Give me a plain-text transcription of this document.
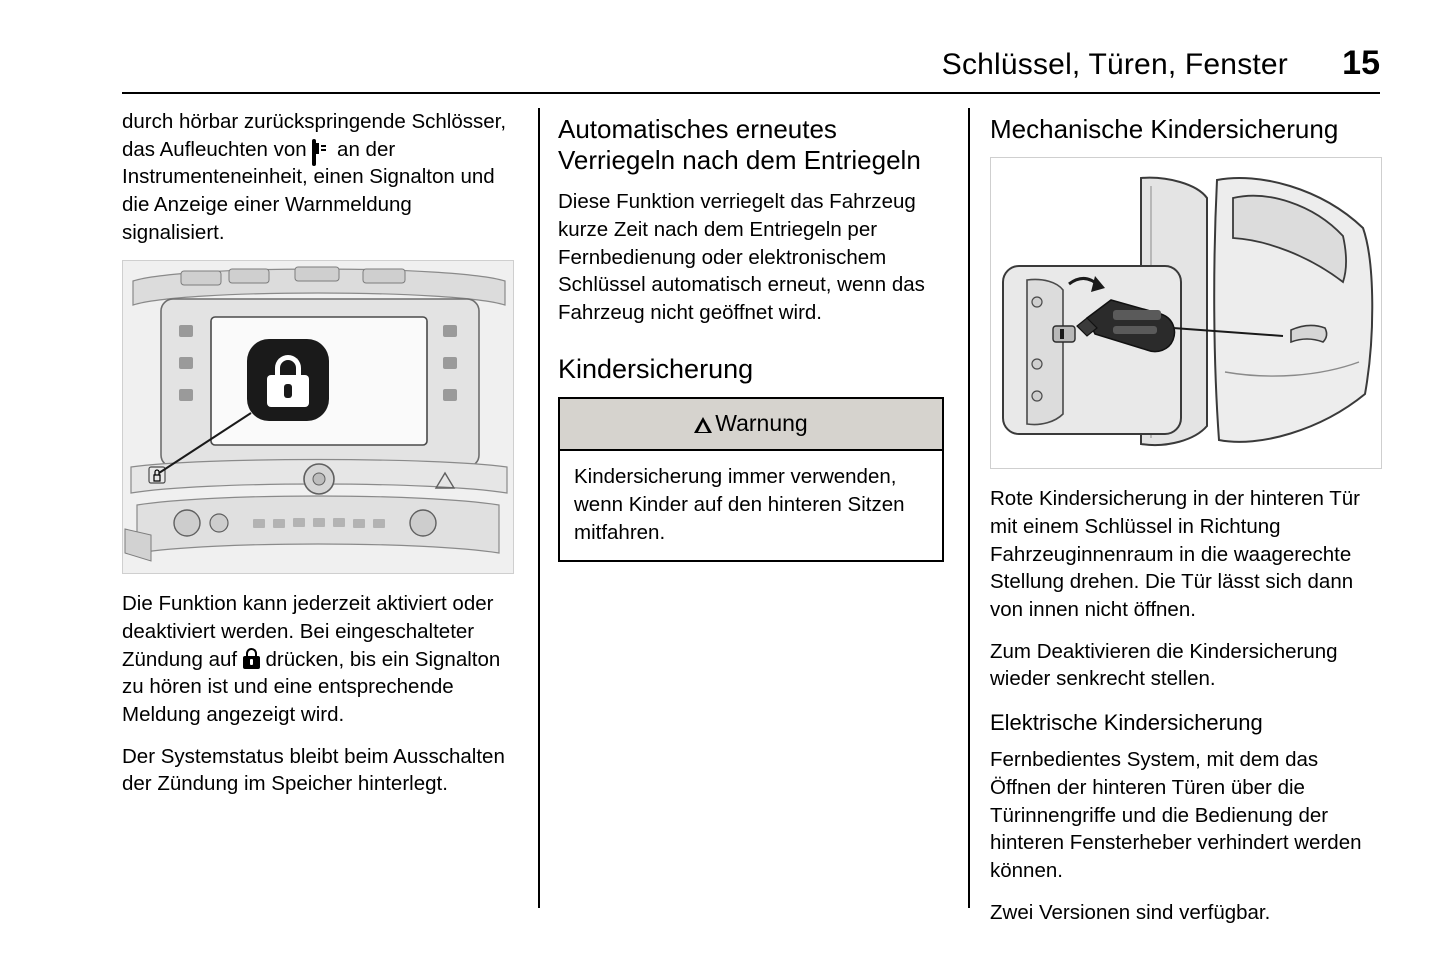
Schlüssel, Türen, Fenster	15

durch hörbar zurückspringende Schlösser, das Aufleuchten von  an der Instrumenteneinheit, einen Signalton und die Anzeige einer Warnmeldung signalisiert.

Die Funktion kann jederzeit aktiviert oder deaktiviert werden. Bei eingeschalteter Zündung auf
drücken, bis ein Signalton zu hören ist und eine entsprechende Meldung angezeigt wird.

Der Systemstatus bleibt beim Ausschalten der Zündung im Speicher hinterlegt.

Automatisches erneutes Verriegeln nach dem Entriegeln

Diese Funktion verriegelt das Fahrzeug kurze Zeit nach dem Entriegeln per Fernbedienung oder elektronischem Schlüssel automatisch erneut, wenn das Fahrzeug nicht geöffnet wird.

Kindersicherung
Warnung
Kindersicherung immer verwenden, wenn Kinder auf den hinteren Sitzen mitfahren.
Mechanische Kindersicherung

Rote Kindersicherung in der hinteren Tür mit einem Schlüssel in Richtung Fahrzeuginnenraum in die waagerechte Stellung drehen. Die Tür lässt sich dann von innen nicht öffnen.

Zum Deaktivieren die Kindersicherung wieder senkrecht stellen.

Elektrische Kindersicherung

Fernbedientes System, mit dem das Öffnen der hinteren Türen über die Türinnengriffe und die Bedienung der hinteren Fensterheber verhindert werden können.

Zwei Versionen sind verfügbar.
